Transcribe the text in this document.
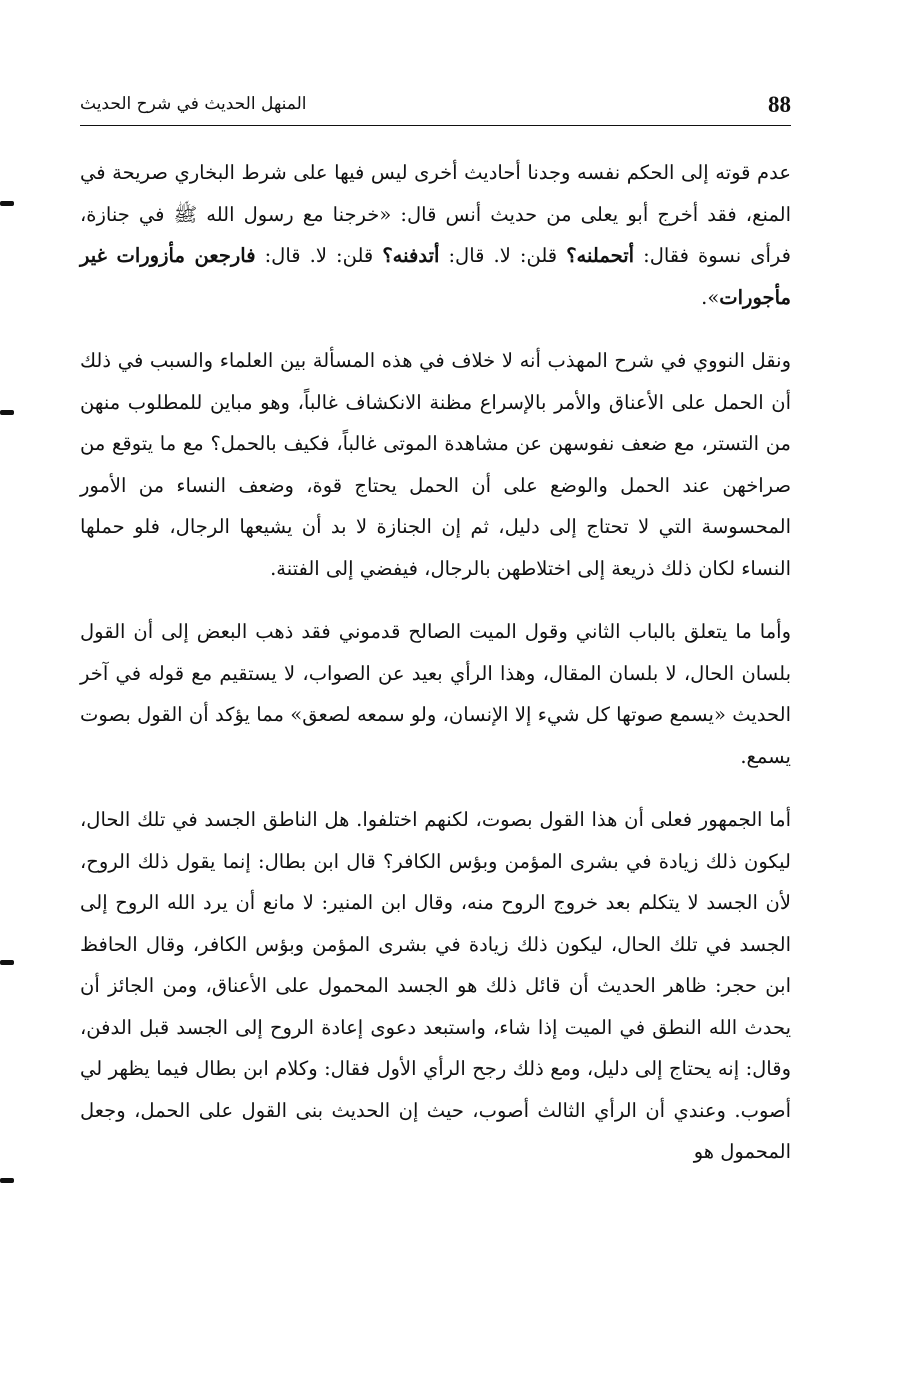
88
المنهل الحديث في شرح الحديث

عدم قوته إلى الحكم نفسه وجدنا أحاديث أخرى ليس فيها على شرط البخاري صريحة في المنع، فقد أخرج أبو يعلى من حديث أنس قال: «خرجنا مع رسول الله ﷺ في جنازة، فرأى نسوة فقال: أتحملنه؟ قلن: لا. قال: أتدفنه؟ قلن: لا. قال: فارجعن مأزورات غير مأجورات».

ونقل النووي في شرح المهذب أنه لا خلاف في هذه المسألة بين العلماء والسبب في ذلك أن الحمل على الأعناق والأمر بالإسراع مظنة الانكشاف غالباً، وهو مباين للمطلوب منهن من التستر، مع ضعف نفوسهن عن مشاهدة الموتى غالباً، فكيف بالحمل؟ مع ما يتوقع من صراخهن عند الحمل والوضع على أن الحمل يحتاج قوة، وضعف النساء من الأمور المحسوسة التي لا تحتاج إلى دليل، ثم إن الجنازة لا بد أن يشيعها الرجال، فلو حملها النساء لكان ذلك ذريعة إلى اختلاطهن بالرجال، فيفضي إلى الفتنة.

وأما ما يتعلق بالباب الثاني وقول الميت الصالح قدموني فقد ذهب البعض إلى أن القول بلسان الحال، لا بلسان المقال، وهذا الرأي بعيد عن الصواب، لا يستقيم مع قوله في آخر الحديث «يسمع صوتها كل شيء إلا الإنسان، ولو سمعه لصعق» مما يؤكد أن القول بصوت يسمع.

أما الجمهور فعلى أن هذا القول بصوت، لكنهم اختلفوا. هل الناطق الجسد في تلك الحال، ليكون ذلك زيادة في بشرى المؤمن وبؤس الكافر؟ قال ابن بطال: إنما يقول ذلك الروح، لأن الجسد لا يتكلم بعد خروج الروح منه، وقال ابن المنير: لا مانع أن يرد الله الروح إلى الجسد في تلك الحال، ليكون ذلك زيادة في بشرى المؤمن وبؤس الكافر، وقال الحافظ ابن حجر: ظاهر الحديث أن قائل ذلك هو الجسد المحمول على الأعناق، ومن الجائز أن يحدث الله النطق في الميت إذا شاء، واستبعد دعوى إعادة الروح إلى الجسد قبل الدفن، وقال: إنه يحتاج إلى دليل، ومع ذلك رجح الرأي الأول فقال: وكلام ابن بطال فيما يظهر لي أصوب. وعندي أن الرأي الثالث أصوب، حيث إن الحديث بنى القول على الحمل، وجعل المحمول هو
